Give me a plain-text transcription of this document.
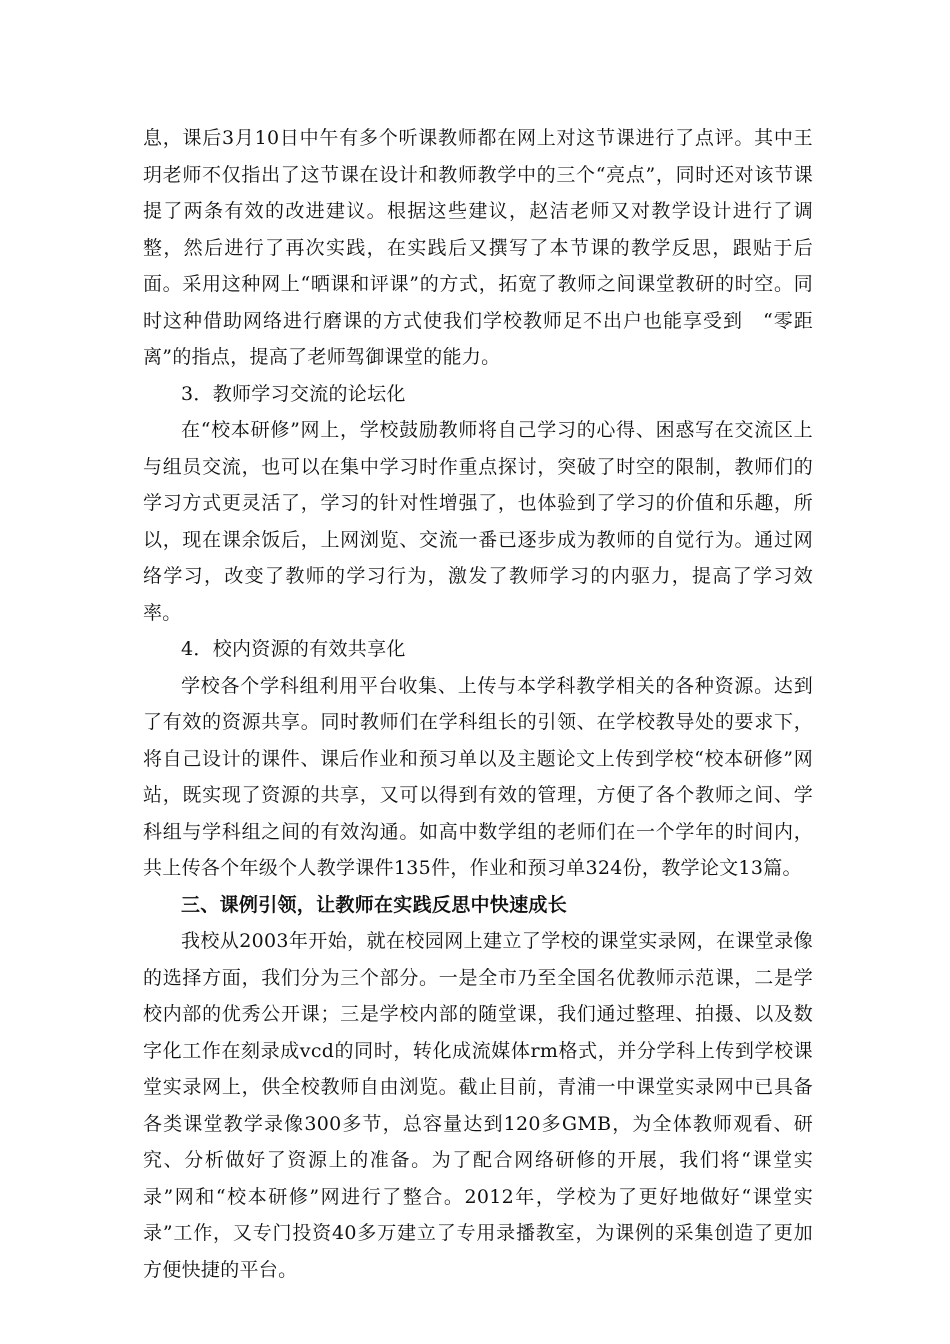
息，课后3月10日中午有多个听课教师都在网上对这节课进行了点评。其中王玥老师不仅指出了这节课在设计和教师教学中的三个“亮点”，同时还对该节课提了两条有效的改进建议。根据这些建议，赵洁老师又对教学设计进行了调整，然后进行了再次实践，在实践后又撰写了本节课的教学反思，跟贴于后面。采用这种网上“晒课和评课”的方式，拓宽了教师之间课堂教研的时空。同时这种借助网络进行磨课的方式使我们学校教师足不出户也能享受到　“零距离”的指点，提高了老师驾御课堂的能力。

3．教师学习交流的论坛化

在“校本研修”网上，学校鼓励教师将自己学习的心得、困惑写在交流区上与组员交流，也可以在集中学习时作重点探讨，突破了时空的限制，教师们的学习方式更灵活了，学习的针对性增强了，也体验到了学习的价值和乐趣，所以，现在课余饭后，上网浏览、交流一番已逐步成为教师的自觉行为。通过网络学习，改变了教师的学习行为，激发了教师学习的内驱力，提高了学习效率。

4．校内资源的有效共享化

学校各个学科组利用平台收集、上传与本学科教学相关的各种资源。达到了有效的资源共享。同时教师们在学科组长的引领、在学校教导处的要求下，将自己设计的课件、课后作业和预习单以及主题论文上传到学校“校本研修”网站，既实现了资源的共享，又可以得到有效的管理，方便了各个教师之间、学科组与学科组之间的有效沟通。如高中数学组的老师们在一个学年的时间内，共上传各个年级个人教学课件135件，作业和预习单324份，教学论文13篇。

三、课例引领，让教师在实践反思中快速成长

我校从2003年开始，就在校园网上建立了学校的课堂实录网，在课堂录像的选择方面，我们分为三个部分。一是全市乃至全国名优教师示范课，二是学校内部的优秀公开课；三是学校内部的随堂课，我们通过整理、拍摄、以及数字化工作在刻录成vcd的同时，转化成流媒体rm格式，并分学科上传到学校课堂实录网上，供全校教师自由浏览。截止目前，青浦一中课堂实录网中已具备各类课堂教学录像300多节，总容量达到120多GMB，为全体教师观看、研究、分析做好了资源上的准备。为了配合网络研修的开展，我们将“课堂实录”网和“校本研修”网进行了整合。2012年，学校为了更好地做好“课堂实录”工作，又专门投资40多万建立了专用录播教室，为课例的采集创造了更加方便快捷的平台。
